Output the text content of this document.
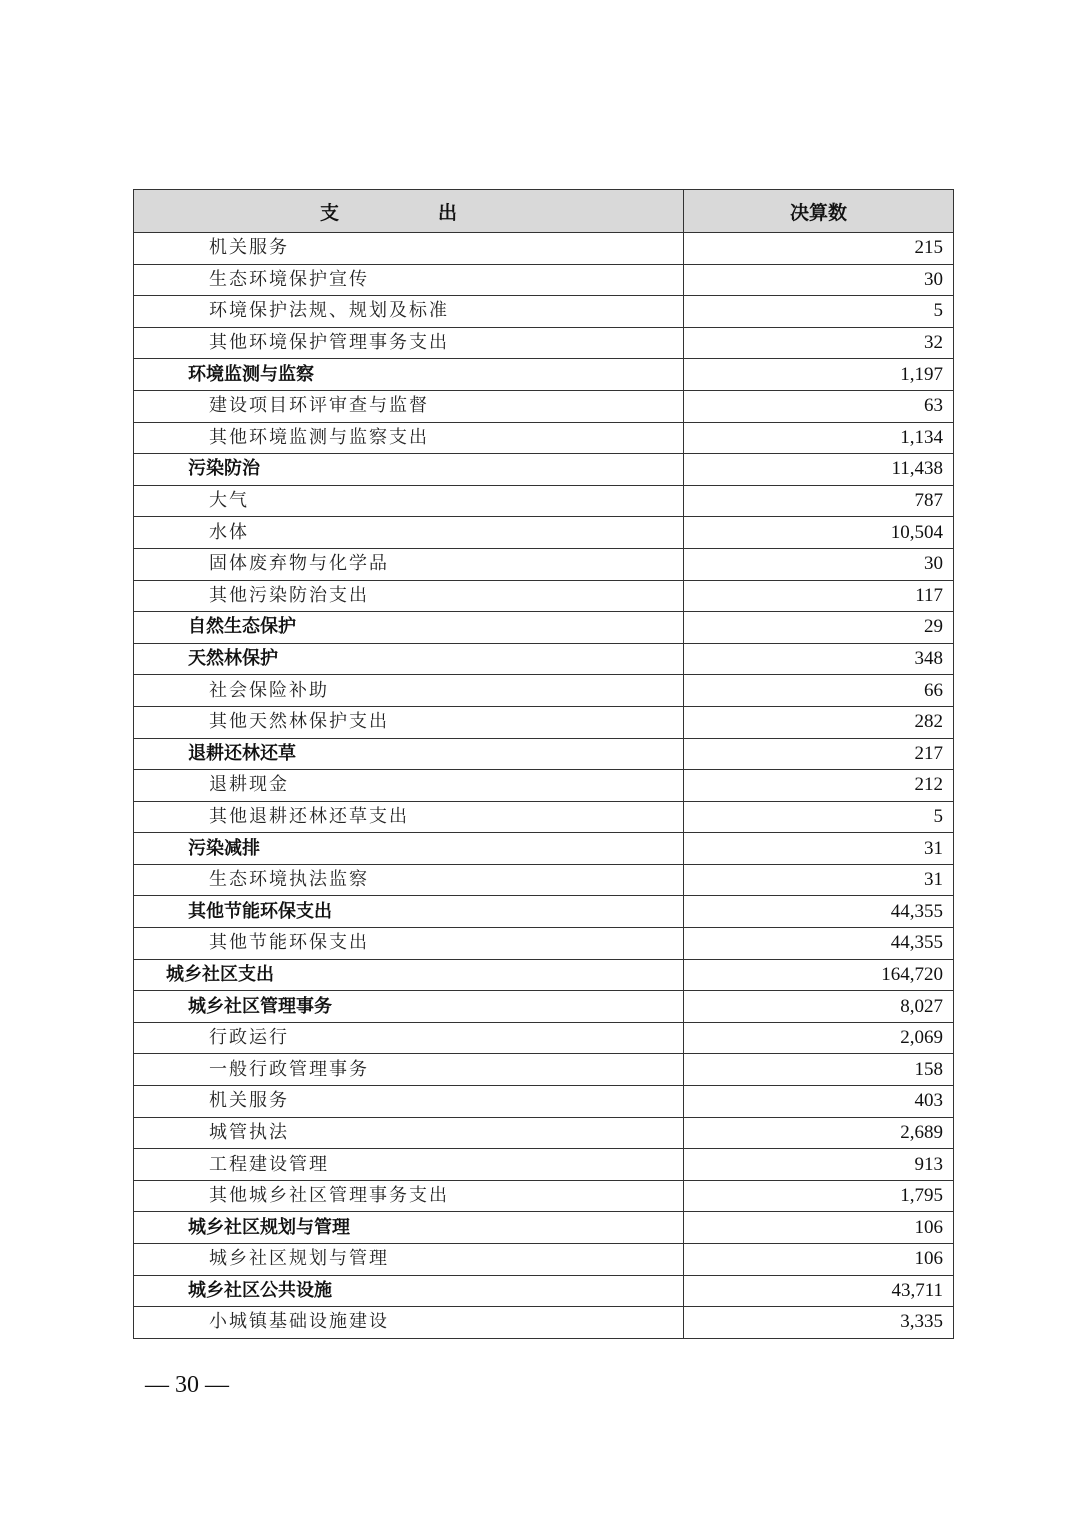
支　出	决算数
机关服务	215
生态环境保护宣传	30
环境保护法规、规划及标准	5
其他环境保护管理事务支出	32
环境监测与监察	1,197
建设项目环评审查与监督	63
其他环境监测与监察支出	1,134
污染防治	11,438
大气	787
水体	10,504
固体废弃物与化学品	30
其他污染防治支出	117
自然生态保护	29
天然林保护	348
社会保险补助	66
其他天然林保护支出	282
退耕还林还草	217
退耕现金	212
其他退耕还林还草支出	5
污染减排	31
生态环境执法监察	31
其他节能环保支出	44,355
其他节能环保支出	44,355
城乡社区支出	164,720
城乡社区管理事务	8,027
行政运行	2,069
一般行政管理事务	158
机关服务	403
城管执法	2,689
工程建设管理	913
其他城乡社区管理事务支出	1,795
城乡社区规划与管理	106
城乡社区规划与管理	106
城乡社区公共设施	43,711
小城镇基础设施建设	3,335
— 30 —
